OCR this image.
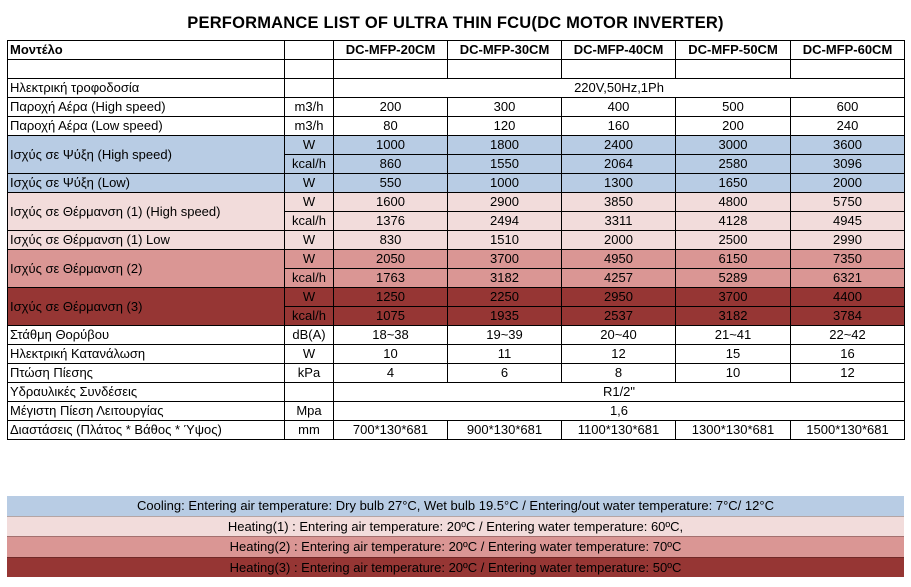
PERFORMANCE LIST OF ULTRA THIN FCU(DC MOTOR INVERTER)
Μοντέλο		DC-MFP-20CM	DC-MFP-30CM	DC-MFP-40CM	DC-MFP-50CM	DC-MFP-60CM

Ηλεκτρική τροφοδοσία		220V,50Hz,1Ph				
Παροχή Αέρα (High speed)	m3/h	200	300	400	500	600
Παροχή Αέρα (Low speed)	m3/h	80	120	160	200	240
Ισχύς σε Ψύξη (High speed)	W	1000	1800	2400	3000	3600
	kcal/h	860	1550	2064	2580	3096
Ισχύς σε Ψύξη (Low)	W	550	1000	1300	1650	2000
Ισχύς σε Θέρμανση (1) (High speed)	W	1600	2900	3850	4800	5750
	kcal/h	1376	2494	3311	4128	4945
Ισχύς σε Θέρμανση (1) Low	W	830	1510	2000	2500	2990
Ισχύς σε Θέρμανση (2)	W	2050	3700	4950	6150	7350
	kcal/h	1763	3182	4257	5289	6321
Ισχύς σε Θέρμανση (3)	W	1250	2250	2950	3700	4400
	kcal/h	1075	1935	2537	3182	3784
Στάθμη Θορύβου	dB(A)	18~38	19~39	20~40	21~41	22~42
Ηλεκτρική Κατανάλωση	W	10	11	12	15	16
Πτώση Πίεσης	kPa	4	6	8	10	12
Υδραυλικές Συνδέσεις		R1/2"				
Μέγιστη Πίεση Λειτουργίας	Mpa	1,6				
Διαστάσεις (Πλάτος * Βάθος * Ύψος)	mm	700*130*681	900*130*681	1100*130*681	1300*130*681	1500*130*681
Cooling: Entering air temperature: Dry bulb 27°C, Wet bulb 19.5°C / Entering/out water temperature: 7°C/ 12°C
Heating(1) : Entering air temperature: 20ºC / Entering water temperature: 60ºC,
Heating(2) : Entering air temperature: 20ºC / Entering water temperature: 70ºC
Heating(3) : Entering air temperature: 20ºC / Entering water temperature: 50ºC
